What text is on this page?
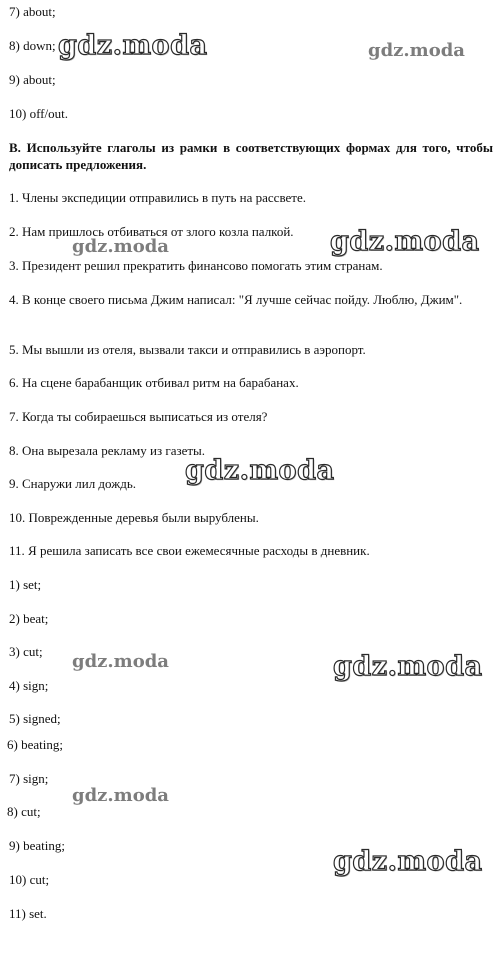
7) about;
8) down;
9) about;
10) off/out.
B. Используйте глаголы из рамки в соответствующих формах для того, чтобы дописать предложения.
1. Члены экспедиции отправились в путь на рассвете.
2. Нам пришлось отбиваться от злого козла палкой.
3. Президент решил прекратить финансово помогать этим странам.
4. В конце своего письма Джим написал: "Я лучше сейчас пойду. Люблю, Джим".
5. Мы вышли из отеля, вызвали такси и отправились в аэропорт.
6. На сцене барабанщик отбивал ритм на барабанах.
7. Когда ты собираешься выписаться из отеля?
8. Она вырезала рекламу из газеты.
9. Снаружи лил дождь.
10. Поврежденные деревья были вырублены.
11. Я решила записать все свои ежемесячные расходы в дневник.
1) set;
2) beat;
3) cut;
4) sign;
5) signed;
6) beating;
7) sign;
8) cut;
9) beating;
10) cut;
11) set.
gdz.moda	gdz.moda
gdz.moda	gdz.moda
gdz.moda
gdz.moda	gdz.moda
gdz.moda
gdz.moda
